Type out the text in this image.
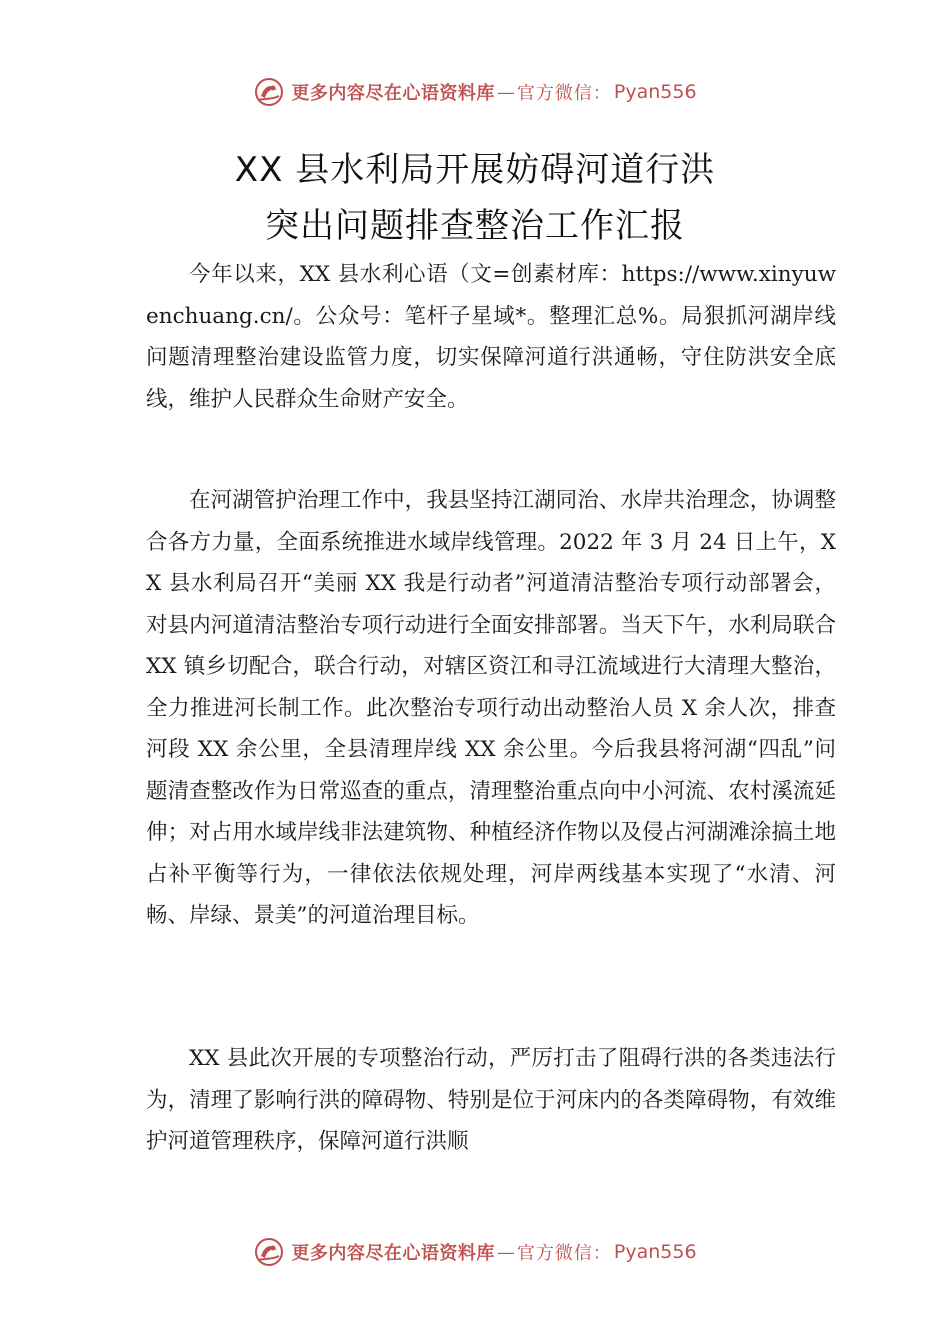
更多内容尽在心语资料库 — 官方微信： Pyan556
XX 县水利局开展妨碍河道行洪
突出问题排查整治工作汇报

今年以来，XX 县水利心语（文=创素材库：https://www.xinyuwenchuang.cn/。公众号：笔杆子星域*。整理汇总%。局狠抓河湖岸线问题清理整治建设监管力度，切实保障河道行洪通畅，守住防洪安全底线，维护人民群众生命财产安全。

在河湖管护治理工作中，我县坚持江湖同治、水岸共治理念，协调整合各方力量，全面系统推进水域岸线管理。2022 年 3 月 24 日上午，XX 县水利局召开“美丽 XX 我是行动者”河道清洁整治专项行动部署会，对县内河道清洁整治专项行动进行全面安排部署。当天下午，水利局联合 XX 镇乡切配合，联合行动，对辖区资江和寻江流域进行大清理大整治，全力推进河长制工作。此次整治专项行动出动整治人员 X 余人次，排查河段 XX 余公里，全县清理岸线 XX 余公里。今后我县将河湖“四乱”问题清查整改作为日常巡查的重点，清理整治重点向中小河流、农村溪流延伸；对占用水域岸线非法建筑物、种植经济作物以及侵占河湖滩涂搞土地占补平衡等行为，一律依法依规处理，河岸两线基本实现了“水清、河畅、岸绿、景美”的河道治理目标。

XX 县此次开展的专项整治行动，严厉打击了阻碍行洪的各类违法行为，清理了影响行洪的障碍物、特别是位于河床内的各类障碍物，有效维护河道管理秩序，保障河道行洪顺

更多内容尽在心语资料库 — 官方微信： Pyan556
